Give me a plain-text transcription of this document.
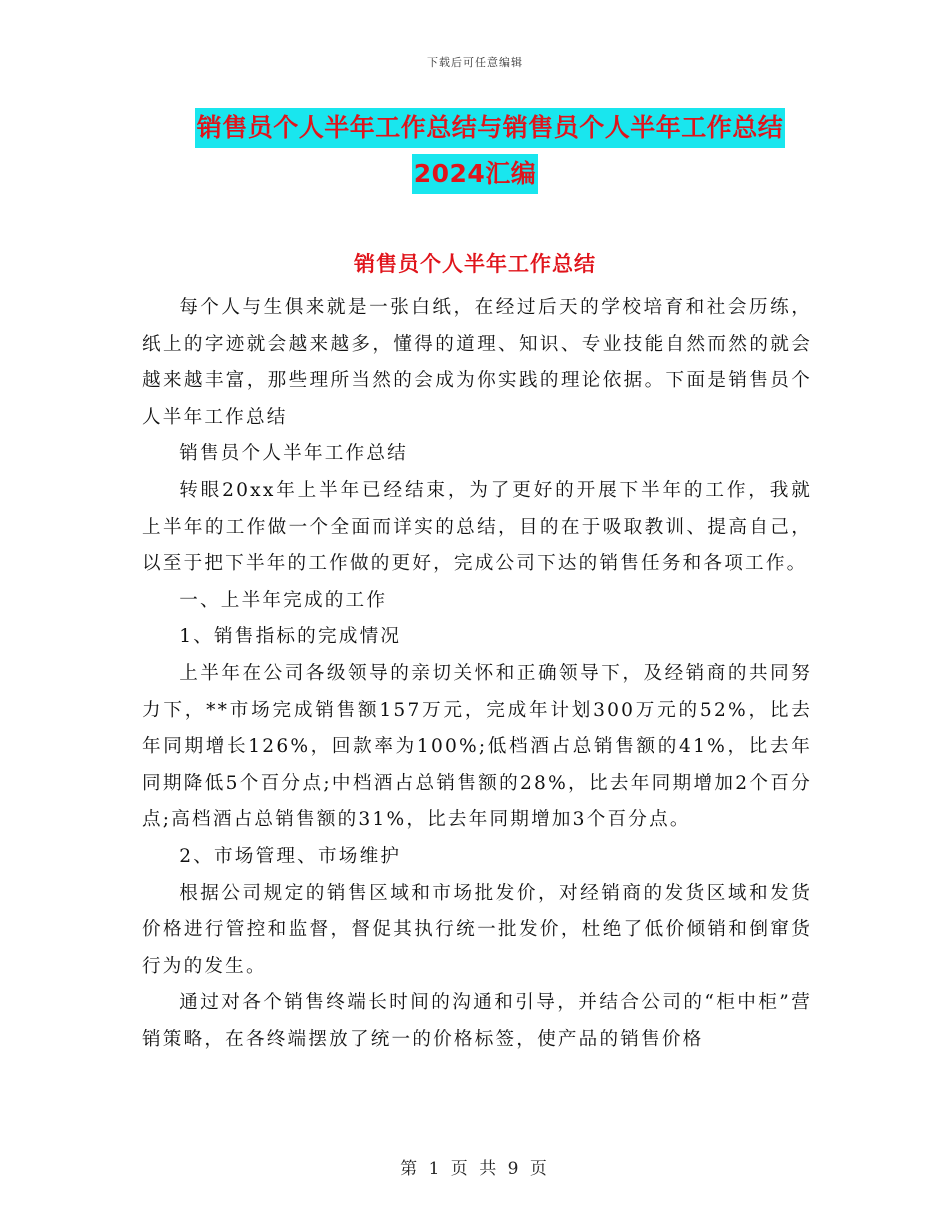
下载后可任意编辑
销售员个人半年工作总结与销售员个人半年工作总结
2024汇编
销售员个人半年工作总结

每个人与生俱来就是一张白纸，在经过后天的学校培育和社会历练，纸上的字迹就会越来越多，懂得的道理、知识、专业技能自然而然的就会越来越丰富，那些理所当然的会成为你实践的理论依据。下面是销售员个人半年工作总结

销售员个人半年工作总结

转眼20xx年上半年已经结束，为了更好的开展下半年的工作，我就上半年的工作做一个全面而详实的总结，目的在于吸取教训、提高自己，以至于把下半年的工作做的更好，完成公司下达的销售任务和各项工作。

一、上半年完成的工作

1、销售指标的完成情况

上半年在公司各级领导的亲切关怀和正确领导下，及经销商的共同努力下，**市场完成销售额157万元，完成年计划300万元的52%，比去年同期增长126%，回款率为100%;低档酒占总销售额的41%，比去年同期降低5个百分点;中档酒占总销售额的28%，比去年同期增加2个百分点;高档酒占总销售额的31%，比去年同期增加3个百分点。

2、市场管理、市场维护

根据公司规定的销售区域和市场批发价，对经销商的发货区域和发货价格进行管控和监督，督促其执行统一批发价，杜绝了低价倾销和倒窜货行为的发生。

通过对各个销售终端长时间的沟通和引导，并结合公司的“柜中柜”营销策略，在各终端摆放了统一的价格标签，使产品的销售价格

第 1 页 共 9 页
